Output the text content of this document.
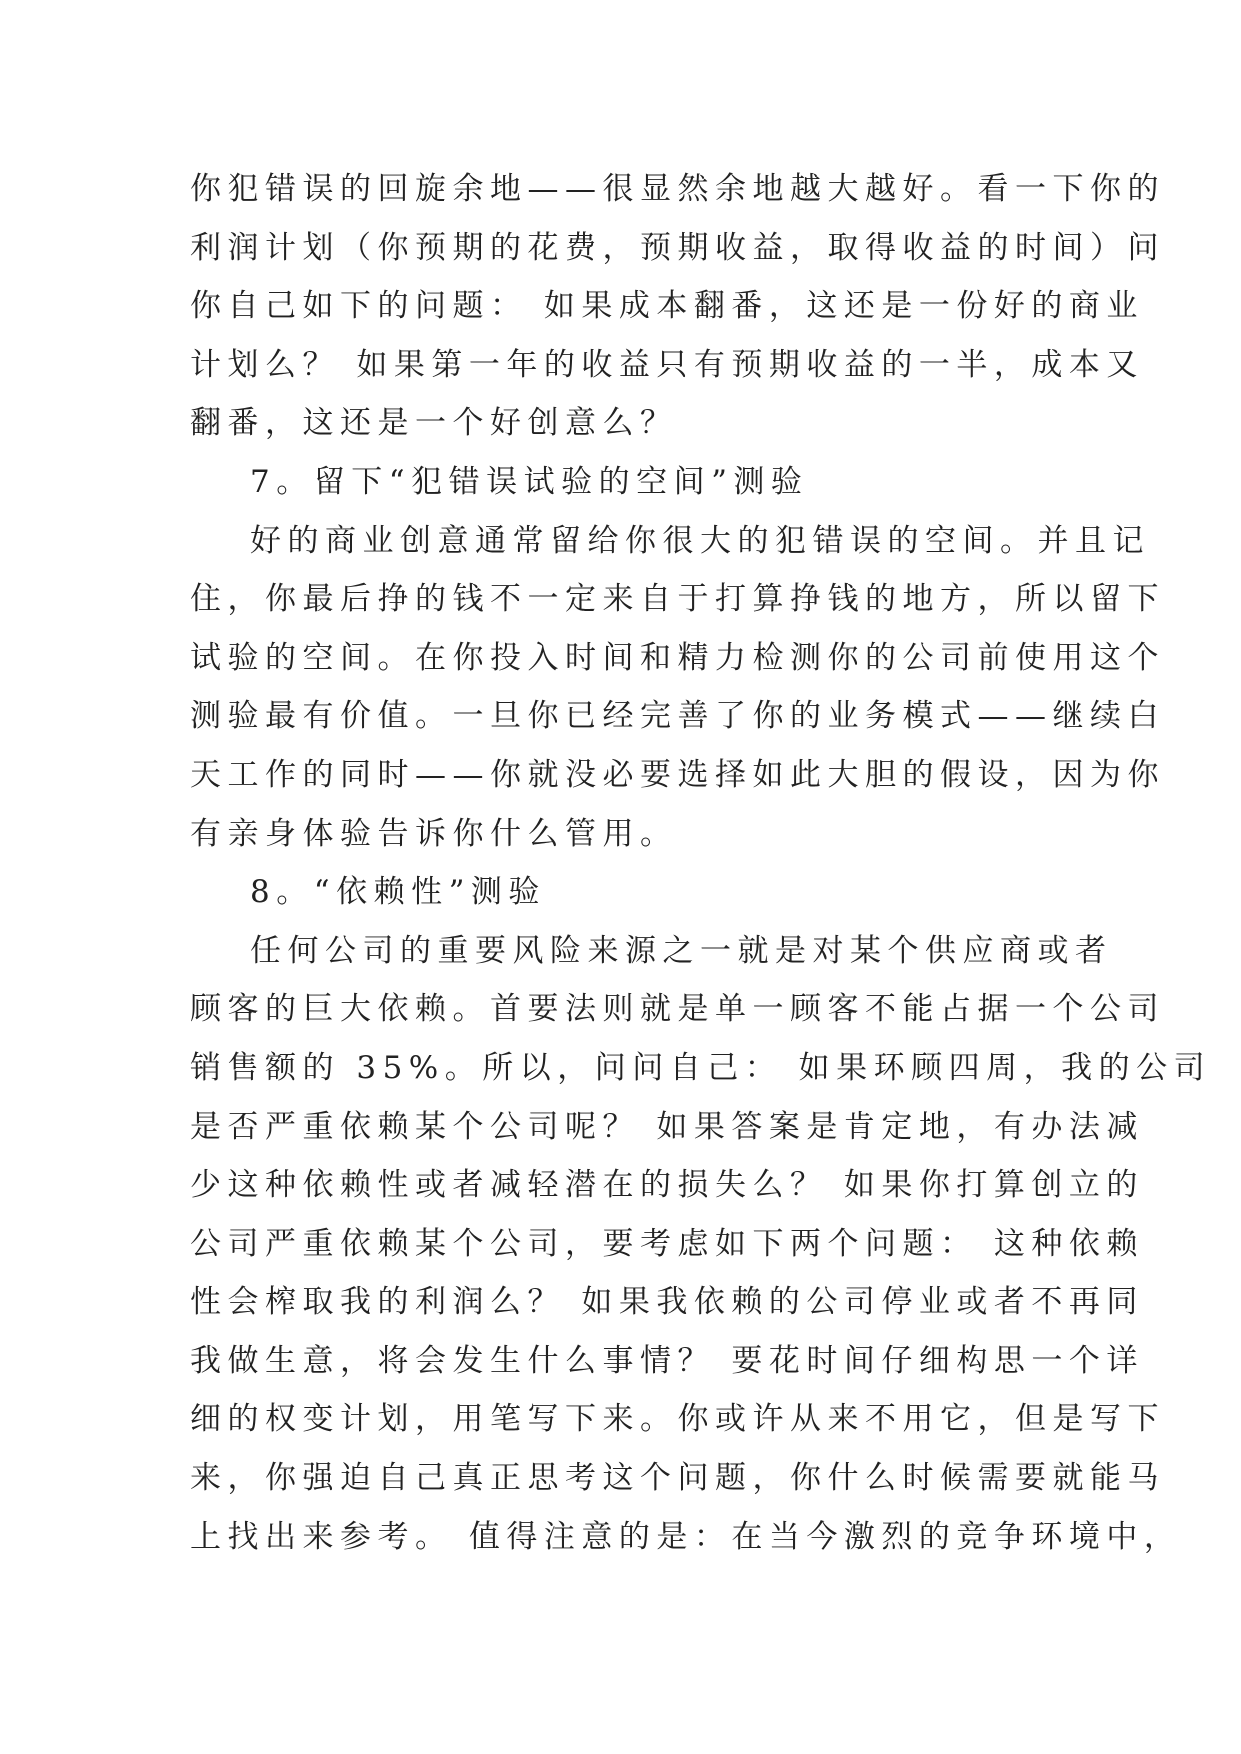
你犯错误的回旋余地——很显然余地越大越好。看一下你的
利润计划（你预期的花费，预期收益，取得收益的时间）问
你自己如下的问题： 如果成本翻番，这还是一份好的商业
计划么？ 如果第一年的收益只有预期收益的一半，成本又
翻番，这还是一个好创意么？
7。留下“犯错误试验的空间”测验
好的商业创意通常留给你很大的犯错误的空间。并且记
住，你最后挣的钱不一定来自于打算挣钱的地方，所以留下
试验的空间。在你投入时间和精力检测你的公司前使用这个
测验最有价值。一旦你已经完善了你的业务模式——继续白
天工作的同时——你就没必要选择如此大胆的假设，因为你
有亲身体验告诉你什么管用。
8。“依赖性”测验
任何公司的重要风险来源之一就是对某个供应商或者
顾客的巨大依赖。首要法则就是单一顾客不能占据一个公司
销售额的 35%。所以，问问自己： 如果环顾四周，我的公司
是否严重依赖某个公司呢？ 如果答案是肯定地，有办法减
少这种依赖性或者减轻潜在的损失么？ 如果你打算创立的
公司严重依赖某个公司，要考虑如下两个问题： 这种依赖
性会榨取我的利润么？ 如果我依赖的公司停业或者不再同
我做生意，将会发生什么事情？ 要花时间仔细构思一个详
细的权变计划，用笔写下来。你或许从来不用它，但是写下
来，你强迫自己真正思考这个问题，你什么时候需要就能马
上找出来参考。 值得注意的是：在当今激烈的竞争环境中，
